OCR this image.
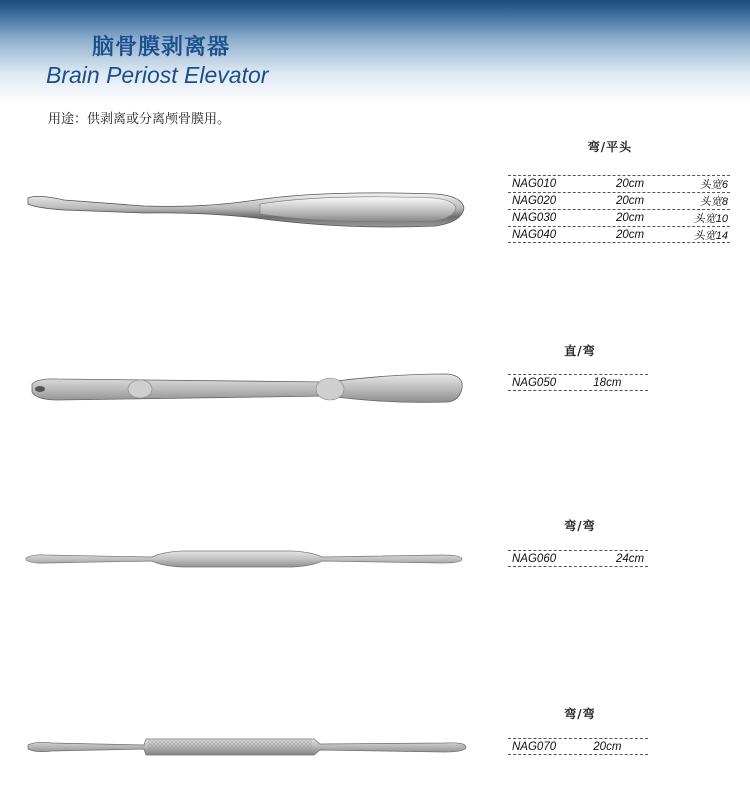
脑骨膜剥离器
Brain Periost Elevator
用途：供剥离或分离颅骨膜用。
弯/平头
NAG010	20cm	头宽6
NAG020	20cm	头宽8
NAG030	20cm	头宽10
NAG040	20cm	头宽14
直/弯
NAG050	18cm
弯/弯
NAG060	24cm
弯/弯
NAG070	20cm
